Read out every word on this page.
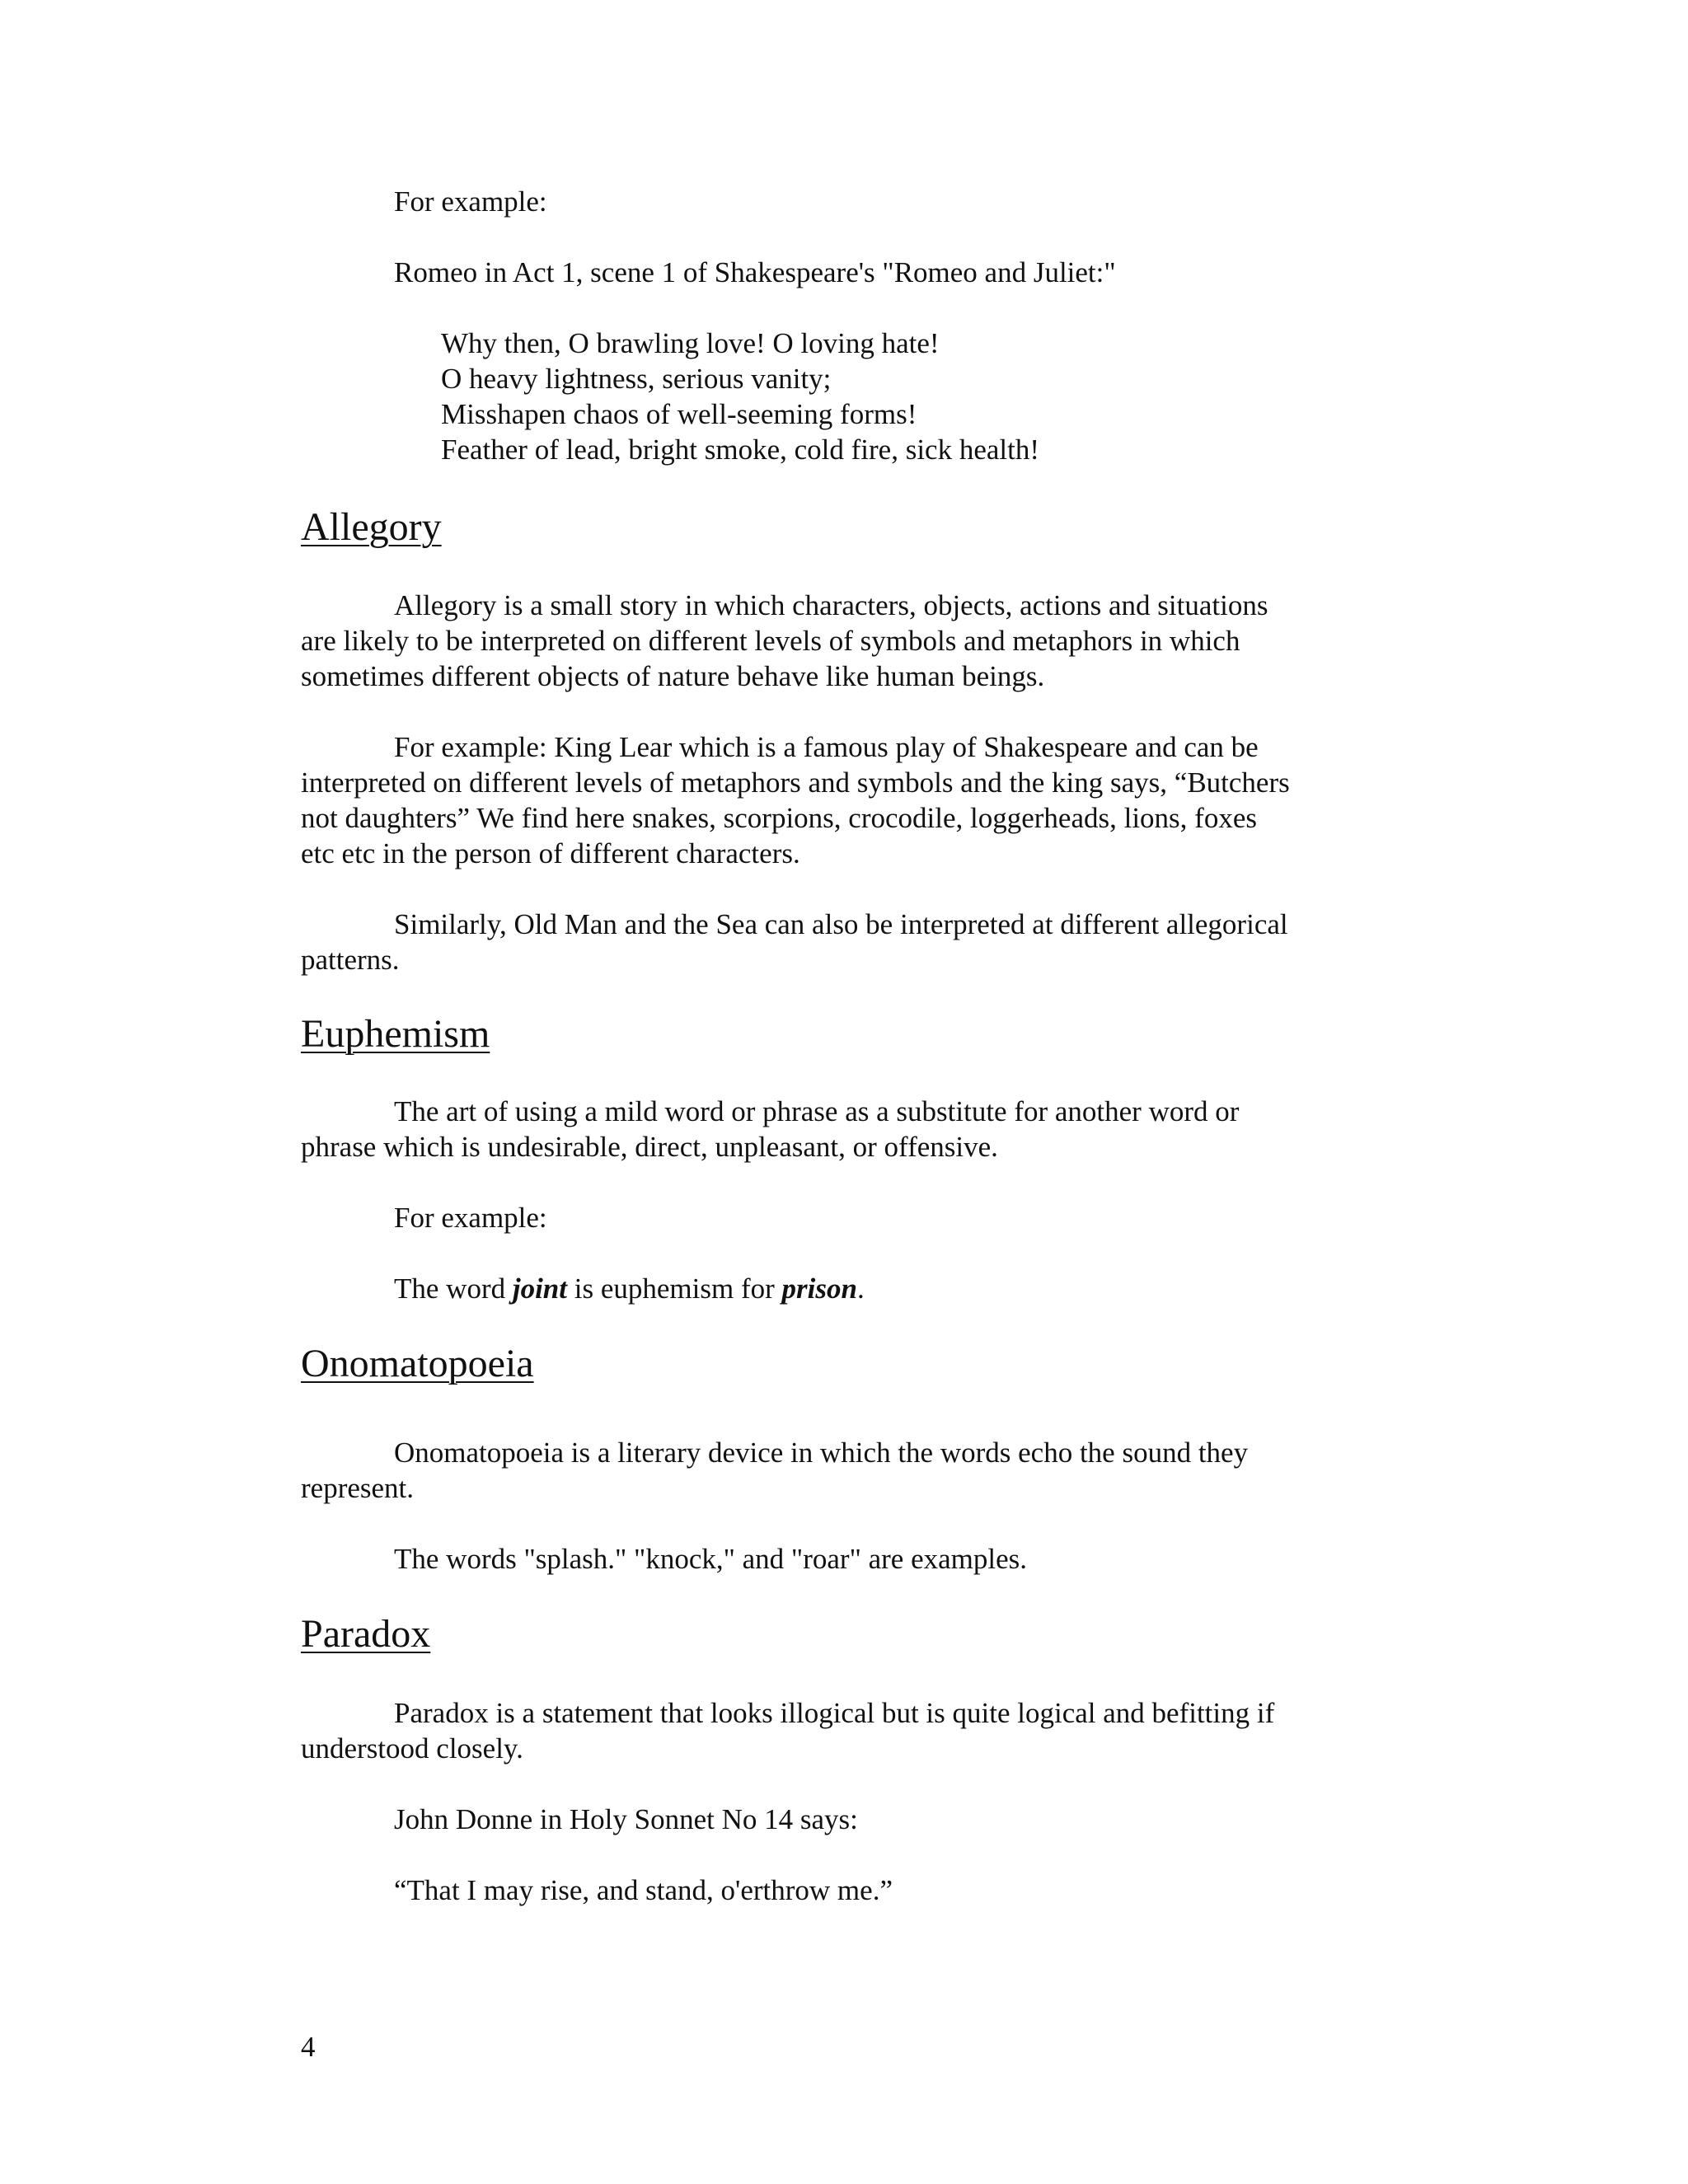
For example:
Romeo in Act 1, scene 1 of Shakespeare's "Romeo and Juliet:"
Why then, O brawling love! O loving hate!
O heavy lightness, serious vanity;
Misshapen chaos of well-seeming forms!
Feather of lead, bright smoke, cold fire, sick health!
Allegory
Allegory is a small story in which characters, objects, actions and situations
are likely to be interpreted on different levels of symbols and metaphors in which
sometimes different objects of nature behave like human beings.
For example: King Lear which is a famous play of Shakespeare and can be
interpreted on different levels of metaphors and symbols and the king says, “Butchers
not daughters” We find here snakes, scorpions, crocodile, loggerheads, lions, foxes
etc etc in the person of different characters.
Similarly, Old Man and the Sea can also be interpreted at different allegorical
patterns.
Euphemism
The art of using a mild word or phrase as a substitute for another word or
phrase which is undesirable, direct, unpleasant, or offensive.
For example:
The word joint is euphemism for prison.
Onomatopoeia
Onomatopoeia is a literary device in which the words echo the sound they
represent.
The words "splash." "knock," and "roar" are examples.
Paradox
Paradox is a statement that looks illogical but is quite logical and befitting if
understood closely.
John Donne in Holy Sonnet No 14 says:
“That I may rise, and stand, o'erthrow me.”
4
